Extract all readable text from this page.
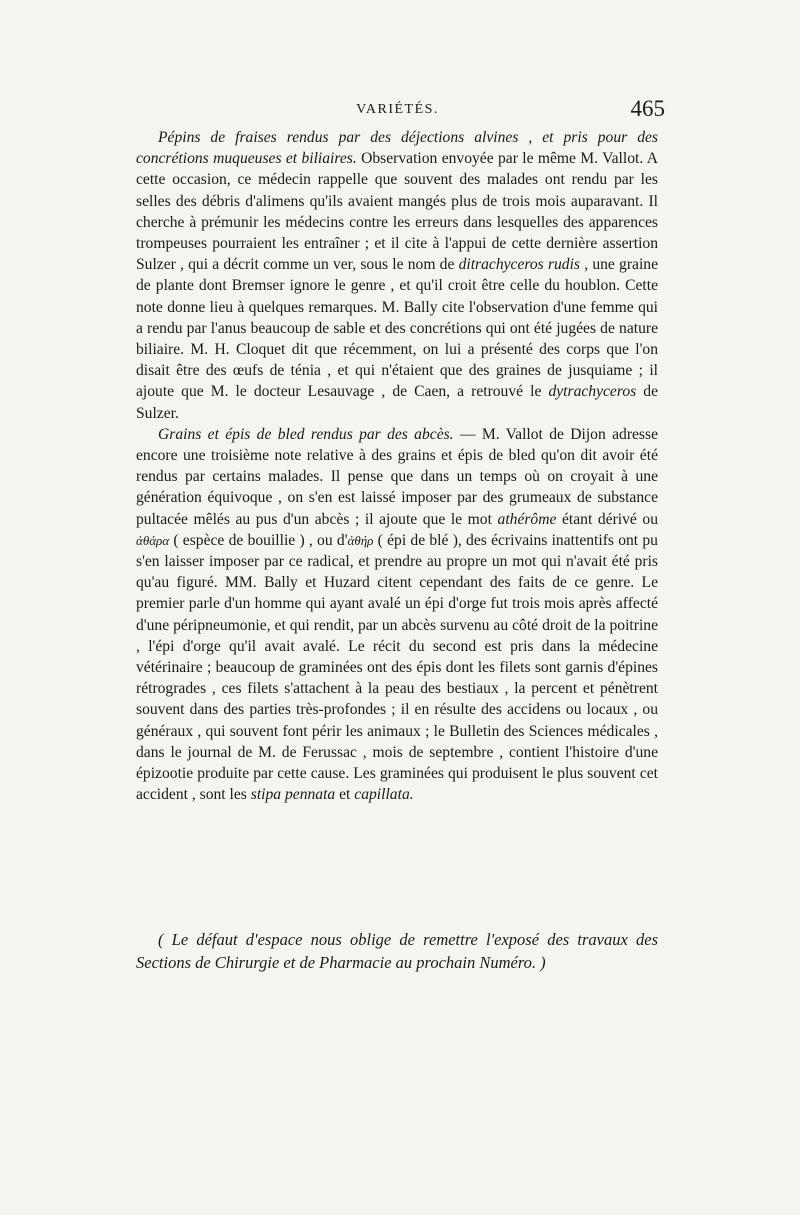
VARIÉTÉS.	465

Pépins de fraises rendus par des déjections alvines , et pris pour des concrétions muqueuses et biliaires. Observation envoyée par le même M. Vallot. A cette occasion, ce médecin rappelle que souvent des malades ont rendu par les selles des débris d'alimens qu'ils avaient mangés plus de trois mois auparavant. Il cherche à prémunir les médecins contre les erreurs dans lesquelles des apparences trompeuses pourraient les entraîner ; et il cite à l'appui de cette dernière assertion Sulzer , qui a décrit comme un ver, sous le nom de ditrachyceros rudis , une graine de plante dont Bremser ignore le genre , et qu'il croit être celle du houblon. Cette note donne lieu à quelques remarques. M. Bally cite l'observation d'une femme qui a rendu par l'anus beaucoup de sable et des concrétions qui ont été jugées de nature biliaire. M. H. Cloquet dit que récemment, on lui a présenté des corps que l'on disait être des œufs de ténia , et qui n'étaient que des graines de jusquiame ; il ajoute que M. le docteur Lesauvage , de Caen, a retrouvé le dytrachyceros de Sulzer.

Grains et épis de bled rendus par des abcès. — M. Vallot de Dijon adresse encore une troisième note relative à des grains et épis de bled qu'on dit avoir été rendus par certains malades. Il pense que dans un temps où on croyait à une génération équivoque , on s'en est laissé imposer par des grumeaux de substance pultacée mêlés au pus d'un abcès ; il ajoute que le mot athérôme étant dérivé ou ἀθάρα ( espèce de bouillie ) , ou d'ἀθήρ ( épi de blé ), des écrivains inattentifs ont pu s'en laisser imposer par ce radical, et prendre au propre un mot qui n'avait été pris qu'au figuré. MM. Bally et Huzard citent cependant des faits de ce genre. Le premier parle d'un homme qui ayant avalé un épi d'orge fut trois mois après affecté d'une péripneumonie, et qui rendit, par un abcès survenu au côté droit de la poitrine , l'épi d'orge qu'il avait avalé. Le récit du second est pris dans la médecine vétérinaire ; beaucoup de graminées ont des épis dont les filets sont garnis d'épines rétrogrades , ces filets s'attachent à la peau des bestiaux , la percent et pénètrent souvent dans des parties très-profondes ; il en résulte des accidens ou locaux , ou généraux , qui souvent font périr les animaux ; le Bulletin des Sciences médicales , dans le journal de M. de Ferussac , mois de septembre , contient l'histoire d'une épizootie produite par cette cause. Les graminées qui produisent le plus souvent cet accident , sont les stipa pennata et capillata.

( Le défaut d'espace nous oblige de remettre l'exposé des travaux des Sections de Chirurgie et de Pharmacie au prochain Numéro. )
